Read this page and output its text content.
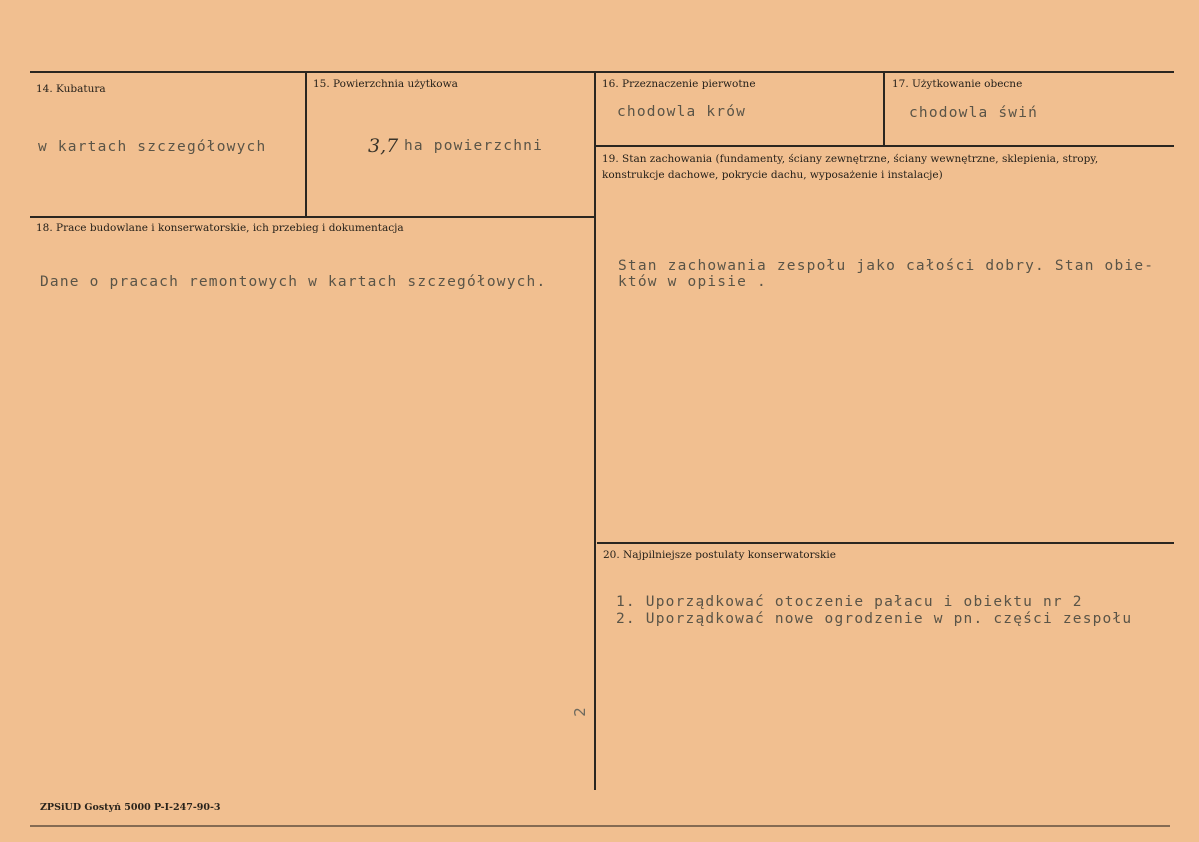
14. Kubatura
w kartach szczegółowych
15. Powierzchnia użytkowa
3,7 ha powierzchni
16. Przeznaczenie pierwotne
chodowla krów
17. Użytkowanie obecne
chodowla świń
18. Prace budowlane i konserwatorskie, ich przebieg i dokumentacja
Dane o pracach remontowych w kartach szczegółowych.
19. Stan zachowania (fundamenty, ściany zewnętrzne, ściany wewnętrzne, sklepienia, stropy, konstrukcje dachowe, pokrycie dachu, wyposażenie i instalacje)
Stan zachowania zespołu jako całości dobry. Stan obie-
któw w opisie .
20. Najpilniejsze postulaty konserwatorskie
1. Uporządkować otoczenie pałacu i obiektu nr 2
2. Uporządkować nowe ogrodzenie w pn. części zespołu
2
ZPSiUD Gostyń 5000 P-I-247-90-3
